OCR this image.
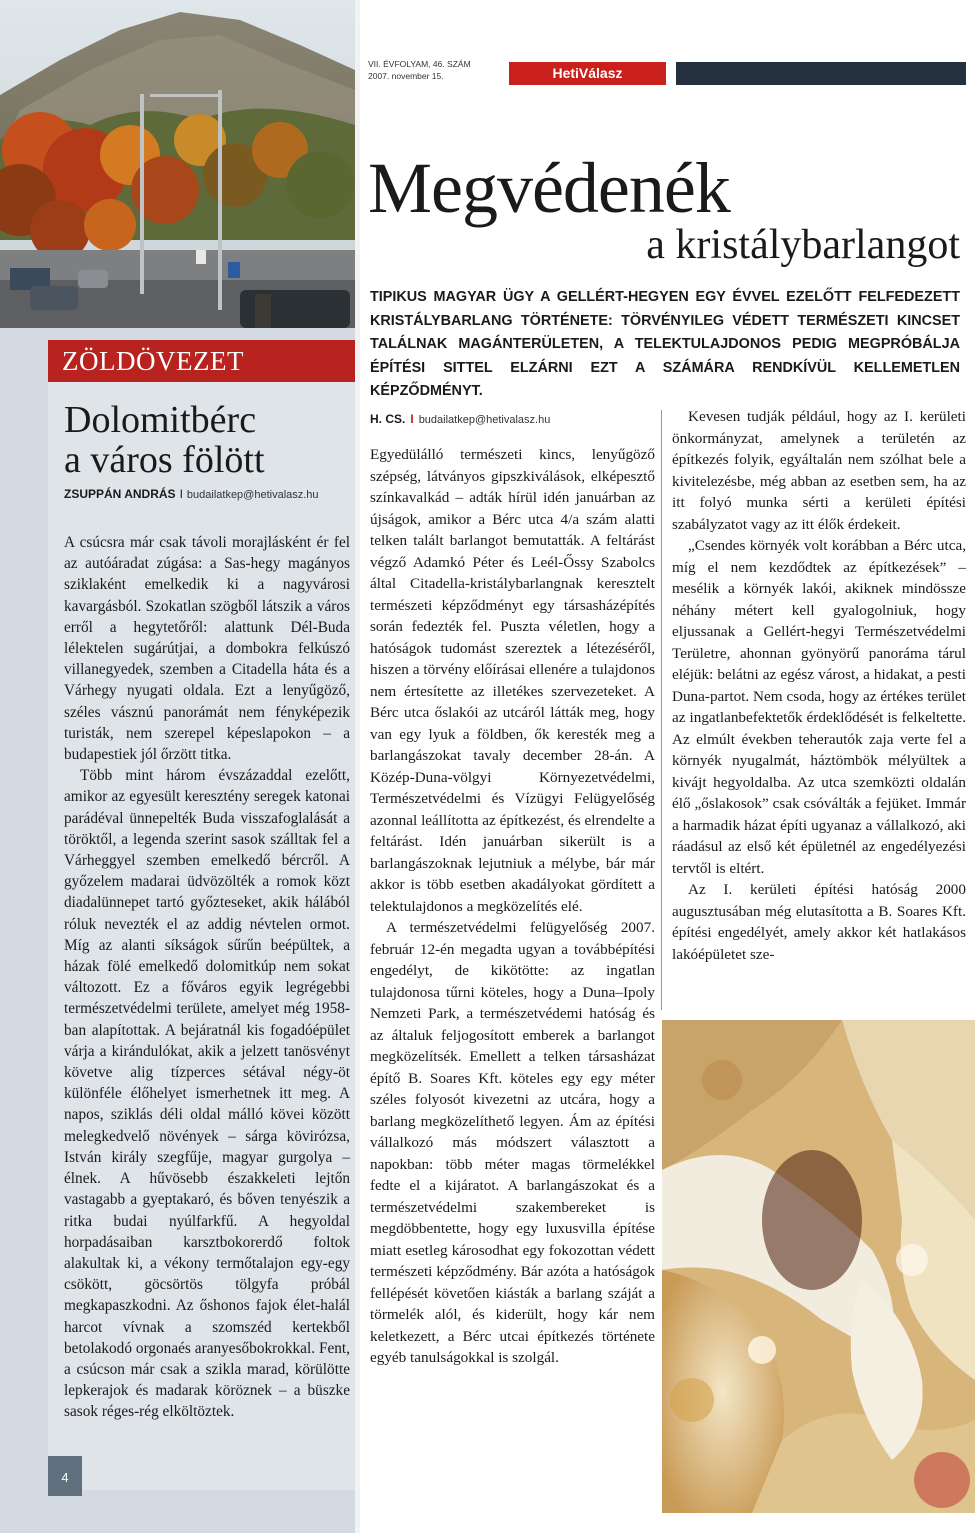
ZÖLDÖVEZET
Dolomitbérc
a város fölött
ZSUPPÁN ANDRÁS I budailatkep@hetivalasz.hu

A csúcsra már csak távoli morajlásként ér fel az autóáradat zúgása: a Sas-hegy magányos sziklaként emelkedik ki a nagyvárosi kavargásból. Szokatlan szögből látszik a város erről a hegytetőről: alattunk Dél-Buda lélektelen sugárútjai, a dombokra felkúszó villanegyedek, szemben a Citadella háta és a Várhegy nyugati oldala. Ezt a lenyűgöző, széles vásznú panorámát nem fényképezik turisták, nem szerepel képeslapokon – a budapestiek jól őrzött titka.

Több mint három évszázaddal ezelőtt, amikor az egyesült keresztény seregek katonai parádéval ünnepelték Buda visszafoglalását a töröktől, a legenda szerint sasok szálltak fel a Várheggyel szemben emelkedő bércről. A győzelem madarai üdvözölték a romok közt diadalünnepet tartó győzteseket, akik hálából róluk nevezték el az addig névtelen ormot. Míg az alanti síkságok sűrűn beépültek, a házak fölé emelkedő dolomitkúp nem sokat változott. Ez a főváros egyik legrégebbi természetvédelmi területe, amelyet még 1958-ban alapítottak. A bejáratnál kis fogadóépület várja a kirándulókat, akik a jelzett tanösvényt követve alig tízperces sétával négy-öt különféle élőhelyet ismerhetnek itt meg. A napos, sziklás déli oldal málló kövei között melegkedvelő növények – sárga kövirózsa, István király szegfűje, magyar gurgolya – élnek. A hűvösebb északkeleti lejtőn vastagabb a gyeptakaró, és bőven tenyészik a ritka budai nyúlfarkfű. A hegyoldal horpadásaiban karsztbokorerdő foltok alakultak ki, a vékony termőtalajon egy-egy csökött, göcsörtös tölgyfa próbál megkapaszkodni. Az őshonos fajok élet-halál harcot vívnak a szomszéd kertekből betolakodó orgonaés aranyesőbokrokkal. Fent, a csúcson már csak a szikla marad, körülötte lepkerajok és madarak köröznek – a büszke sasok réges-rég elköltöztek.

4
VII. ÉVFOLYAM, 46. SZÁM
2007. november 15.	HetiVálasz
Megvédenék
a kristálybarlangot
TIPIKUS MAGYAR ÜGY A GELLÉRT-HEGYEN EGY ÉVVEL EZELŐTT FELFEDEZETT KRISTÁLYBARLANG TÖRTÉNETE: TÖRVÉNYILEG VÉDETT TERMÉSZETI KINCSET TALÁLNAK MAGÁNTERÜLETEN, A TELEKTULAJDONOS PEDIG MEGPRÓBÁLJA ÉPÍTÉSI SITTEL ELZÁRNI EZT A SZÁMÁRA RENDKÍVÜL KELLEMETLEN KÉPZŐDMÉNYT.
H. CS. I budailatkep@hetivalasz.hu

Egyedülálló természeti kincs, lenyűgöző szépség, látványos gipszkiválások, elképesztő színkavalkád – adták hírül idén januárban az újságok, amikor a Bérc utca 4/a szám alatti telken talált barlangot bemutatták. A feltárást végző Adamkó Péter és Leél-Őssy Szabolcs által Citadella-kristálybarlangnak keresztelt természeti képződményt egy társasházépítés során fedezték fel. Puszta véletlen, hogy a hatóságok tudomást szereztek a létezéséről, hiszen a törvény előírásai ellenére a tulajdonos nem értesítette az illetékes szervezeteket. A Bérc utca őslakói az utcáról látták meg, hogy van egy lyuk a földben, ők keresték meg a barlangászokat tavaly december 28-án. A Közép-Duna-völgyi Környezetvédelmi, Természetvédelmi és Vízügyi Felügyelőség azonnal leállította az építkezést, és elrendelte a feltárást. Idén januárban sikerült is a barlangászoknak lejutniuk a mélybe, bár már akkor is több esetben akadályokat gördített a telektulajdonos a megközelítés elé.

A természetvédelmi felügyelőség 2007. február 12-én megadta ugyan a továbbépítési engedélyt, de kikötötte: az ingatlan tulajdonosa tűrni köteles, hogy a Duna–Ipoly Nemzeti Park, a természetvédemi hatóság és az általuk feljogosított emberek a barlangot megközelítsék. Emellett a telken társasházat építő B. Soares Kft. köteles egy egy méter széles folyosót kivezetni az utcára, hogy a barlang megközelíthető legyen. Ám az építési vállalkozó más módszert választott a napokban: több méter magas törmelékkel fedte el a kijáratot. A barlangászokat és a természetvédelmi szakembereket is megdöbbentette, hogy egy luxusvilla építése miatt esetleg károsodhat egy fokozottan védett természeti képződmény. Bár azóta a hatóságok fellépését követően kiásták a barlang száját a törmelék alól, és kiderült, hogy kár nem keletkezett, a Bérc utcai építkezés története egyéb tanulságokkal is szolgál.

Kevesen tudják például, hogy az I. kerületi önkormányzat, amelynek a területén az építkezés folyik, egyáltalán nem szólhat bele a kivitelezésbe, még abban az esetben sem, ha az itt folyó munka sérti a kerületi építési szabályzatot vagy az itt élők érdekeit.

„Csendes környék volt korábban a Bérc utca, míg el nem kezdődtek az építkezések” – mesélik a környék lakói, akiknek mindössze néhány métert kell gyalogolniuk, hogy eljussanak a Gellért-hegyi Természetvédelmi Területre, ahonnan gyönyörű panoráma tárul eléjük: belátni az egész várost, a hidakat, a pesti Duna-partot. Nem csoda, hogy az értékes terület az ingatlanbefektetők érdeklődését is felkeltette. Az elmúlt években teherautók zaja verte fel a környék nyugalmát, háztömbök mélyültek a kivájt hegyoldalba. Az utca szemközti oldalán élő „őslakosok” csak csóválták a fejüket. Immár a harmadik házat építi ugyanaz a vállalkozó, aki ráadásul az első két épületnél az engedélyezési tervtől is eltért.

Az I. kerületi építési hatóság 2000 augusztusában még elutasította a B. Soares Kft. építési engedélyét, amely akkor két hatlakásos lakóépületet sze-
